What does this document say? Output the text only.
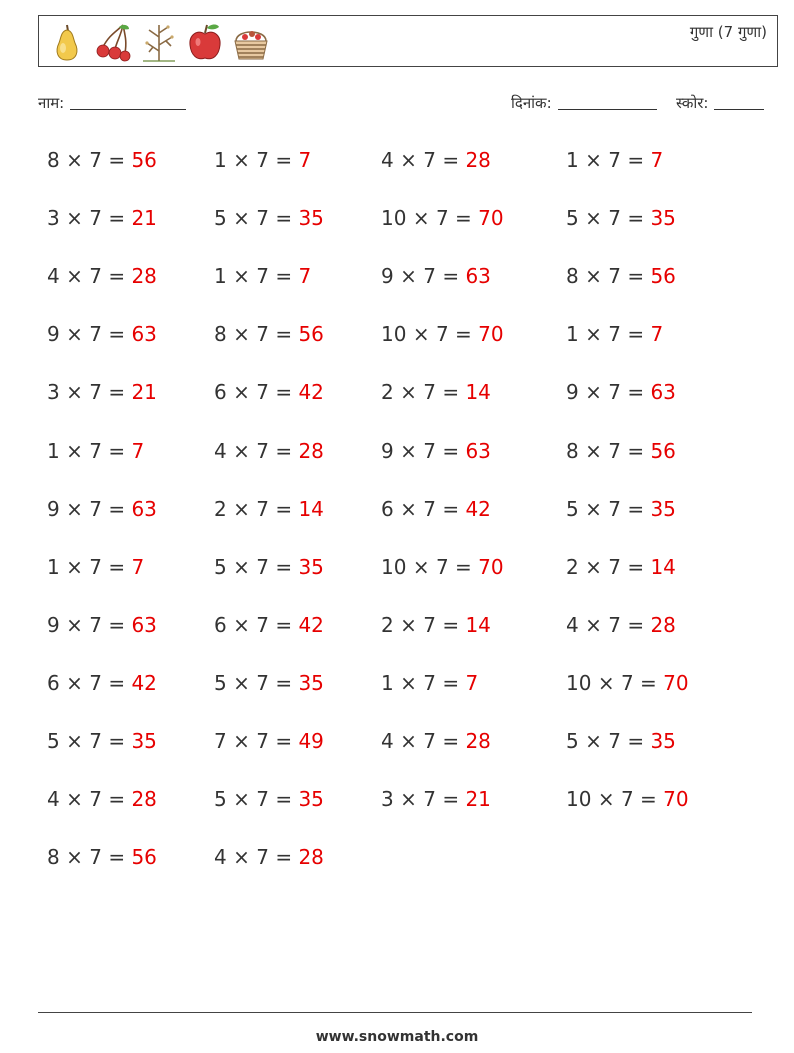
गुणा (7 गुणा)
नाम:	दिनांक:	स्कोर:
8 × 7 = 56
3 × 7 = 21
4 × 7 = 28
9 × 7 = 63
3 × 7 = 21
1 × 7 = 7
9 × 7 = 63
1 × 7 = 7
9 × 7 = 63
6 × 7 = 42
5 × 7 = 35
4 × 7 = 28
8 × 7 = 56
1 × 7 = 7
5 × 7 = 35
1 × 7 = 7
8 × 7 = 56
6 × 7 = 42
4 × 7 = 28
2 × 7 = 14
5 × 7 = 35
6 × 7 = 42
5 × 7 = 35
7 × 7 = 49
5 × 7 = 35
4 × 7 = 28
4 × 7 = 28
10 × 7 = 70
9 × 7 = 63
10 × 7 = 70
2 × 7 = 14
9 × 7 = 63
6 × 7 = 42
10 × 7 = 70
2 × 7 = 14
1 × 7 = 7
4 × 7 = 28
3 × 7 = 21
1 × 7 = 7
5 × 7 = 35
8 × 7 = 56
1 × 7 = 7
9 × 7 = 63
8 × 7 = 56
5 × 7 = 35
2 × 7 = 14
4 × 7 = 28
10 × 7 = 70
5 × 7 = 35
10 × 7 = 70
www.snowmath.com
